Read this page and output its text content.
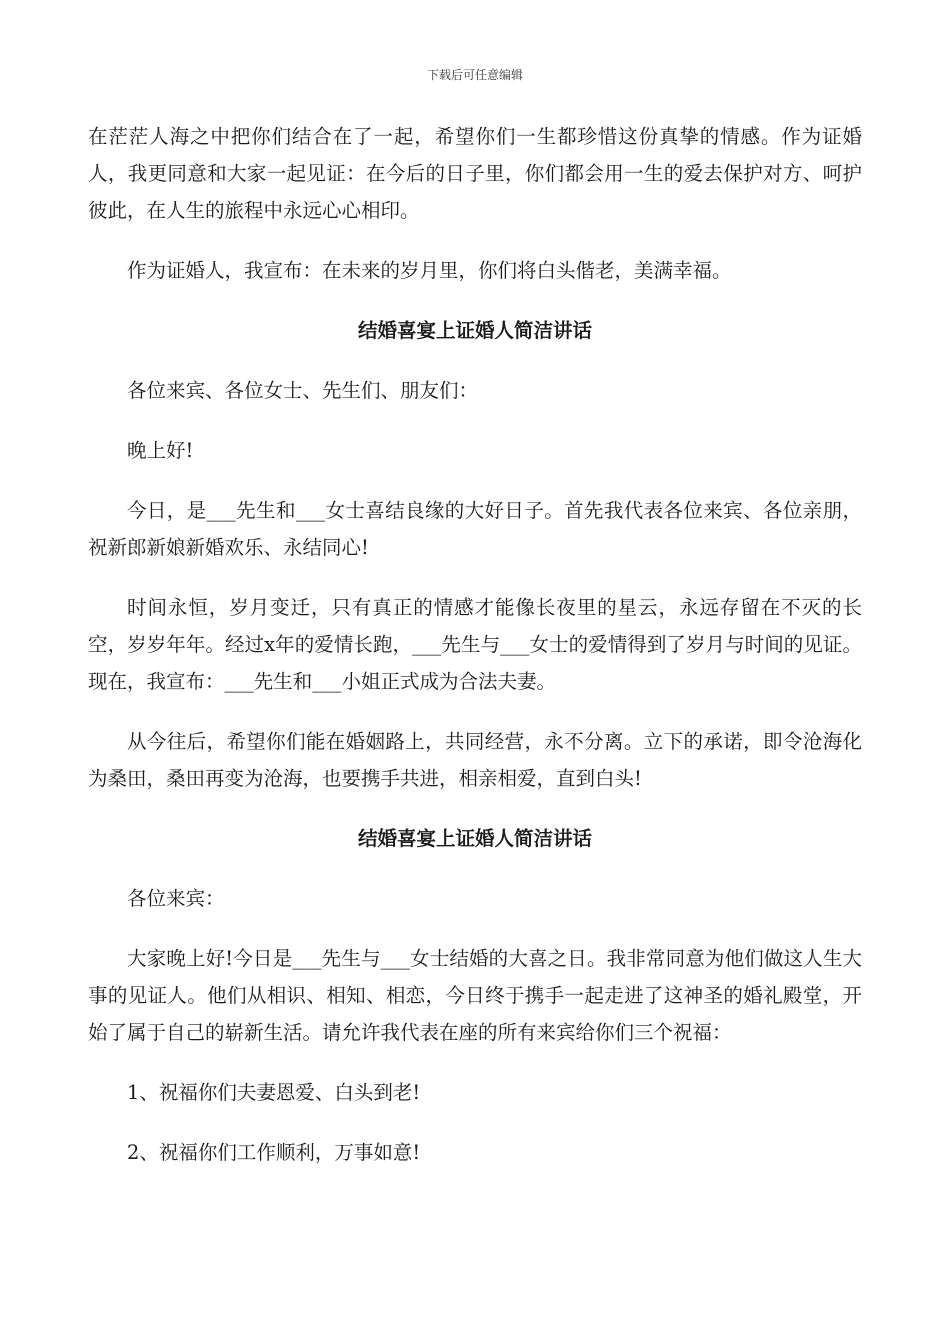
下载后可任意编辑

在茫茫人海之中把你们结合在了一起，希望你们一生都珍惜这份真挚的情感。作为证婚人，我更同意和大家一起见证：在今后的日子里，你们都会用一生的爱去保护对方、呵护彼此，在人生的旅程中永远心心相印。

作为证婚人，我宣布：在未来的岁月里，你们将白头偕老，美满幸福。

结婚喜宴上证婚人简洁讲话

各位来宾、各位女士、先生们、朋友们：

晚上好!

今日，是___先生和___女士喜结良缘的大好日子。首先我代表各位来宾、各位亲朋，祝新郎新娘新婚欢乐、永结同心!

时间永恒，岁月变迁，只有真正的情感才能像长夜里的星云，永远存留在不灭的长空，岁岁年年。经过x年的爱情长跑，___先生与___女士的爱情得到了岁月与时间的见证。现在，我宣布：___先生和___小姐正式成为合法夫妻。

从今往后，希望你们能在婚姻路上，共同经营，永不分离。立下的承诺，即令沧海化为桑田，桑田再变为沧海，也要携手共进，相亲相爱，直到白头!

结婚喜宴上证婚人简洁讲话

各位来宾：

大家晚上好!今日是___先生与___女士结婚的大喜之日。我非常同意为他们做这人生大事的见证人。他们从相识、相知、相恋，今日终于携手一起走进了这神圣的婚礼殿堂，开始了属于自己的崭新生活。请允许我代表在座的所有来宾给你们三个祝福：

1、祝福你们夫妻恩爱、白头到老!

2、祝福你们工作顺利，万事如意!
